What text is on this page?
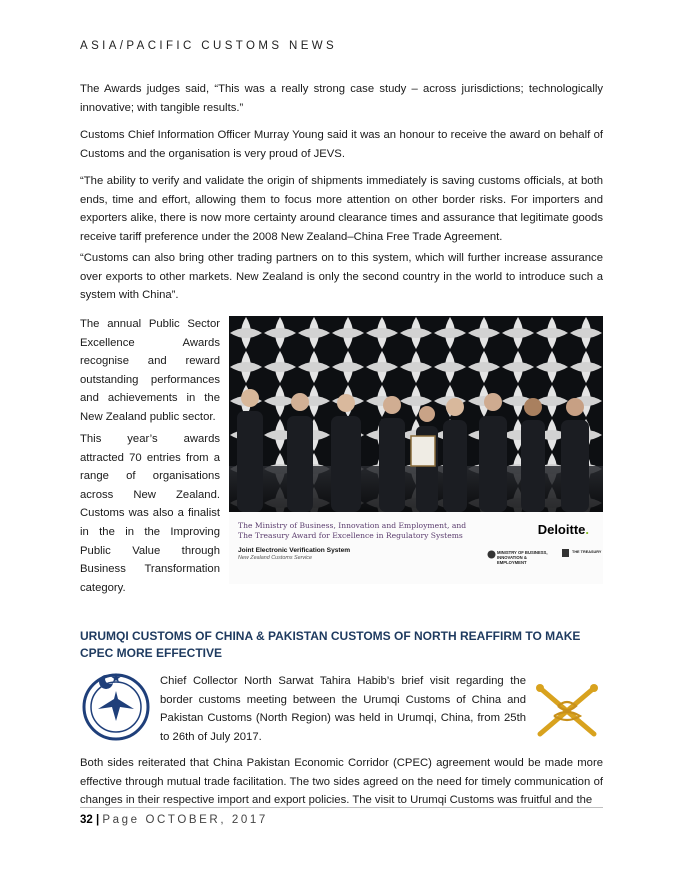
ASIA/PACIFIC CUSTOMS NEWS

The Awards judges said, “This was a really strong case study – across jurisdictions; technologically innovative; with tangible results.”

Customs Chief Information Officer Murray Young said it was an honour to receive the award on behalf of Customs and the organisation is very proud of JEVS.

“The ability to verify and validate the origin of shipments immediately is saving customs officials, at both ends, time and effort, allowing them to focus more attention on other border risks. For importers and exporters alike, there is now more certainty around clearance times and assurance that legitimate goods receive tariff preference under the 2008 New Zealand–China Free Trade Agreement.

“Customs can also bring other trading partners on to this system, which will further increase assurance over exports to other markets. New Zealand is only the second country in the world to introduce such a system with China”.

The annual Public Sector Excellence Awards recognise and reward outstanding performances and achievements in the New Zealand public sector.

This year’s awards attracted 70 entries from a range of organisations across New Zealand. Customs was also a finalist in the in the Improving Public Value through Business Transformation category.

The Ministry of Business, Innovation and Employment, and
The Treasury Award for Excellence in Regulatory Systems
Joint Electronic Verification System
New Zealand Customs Service
Deloitte.
MINISTRY OF BUSINESS, INNOVATION & EMPLOYMENT
THE TREASURY
URUMQI CUSTOMS OF CHINA & PAKISTAN CUSTOMS OF NORTH REAFFIRM TO MAKE CPEC MORE EFFECTIVE

Chief Collector North Sarwat Tahira Habib’s brief visit regarding the border customs meeting between the Urumqi Customs of China and Pakistan Customs (North Region) was held in Urumqi, China, from 25th to 26th of July 2017.

Both sides reiterated that China Pakistan Economic Corridor (CPEC) agreement would be made more effective through mutual trade facilitation. The two sides agreed on the need for timely communication of changes in their respective import and export policies. The visit to Urumqi Customs was fruitful and the

32 | Page OCTOBER, 2017
